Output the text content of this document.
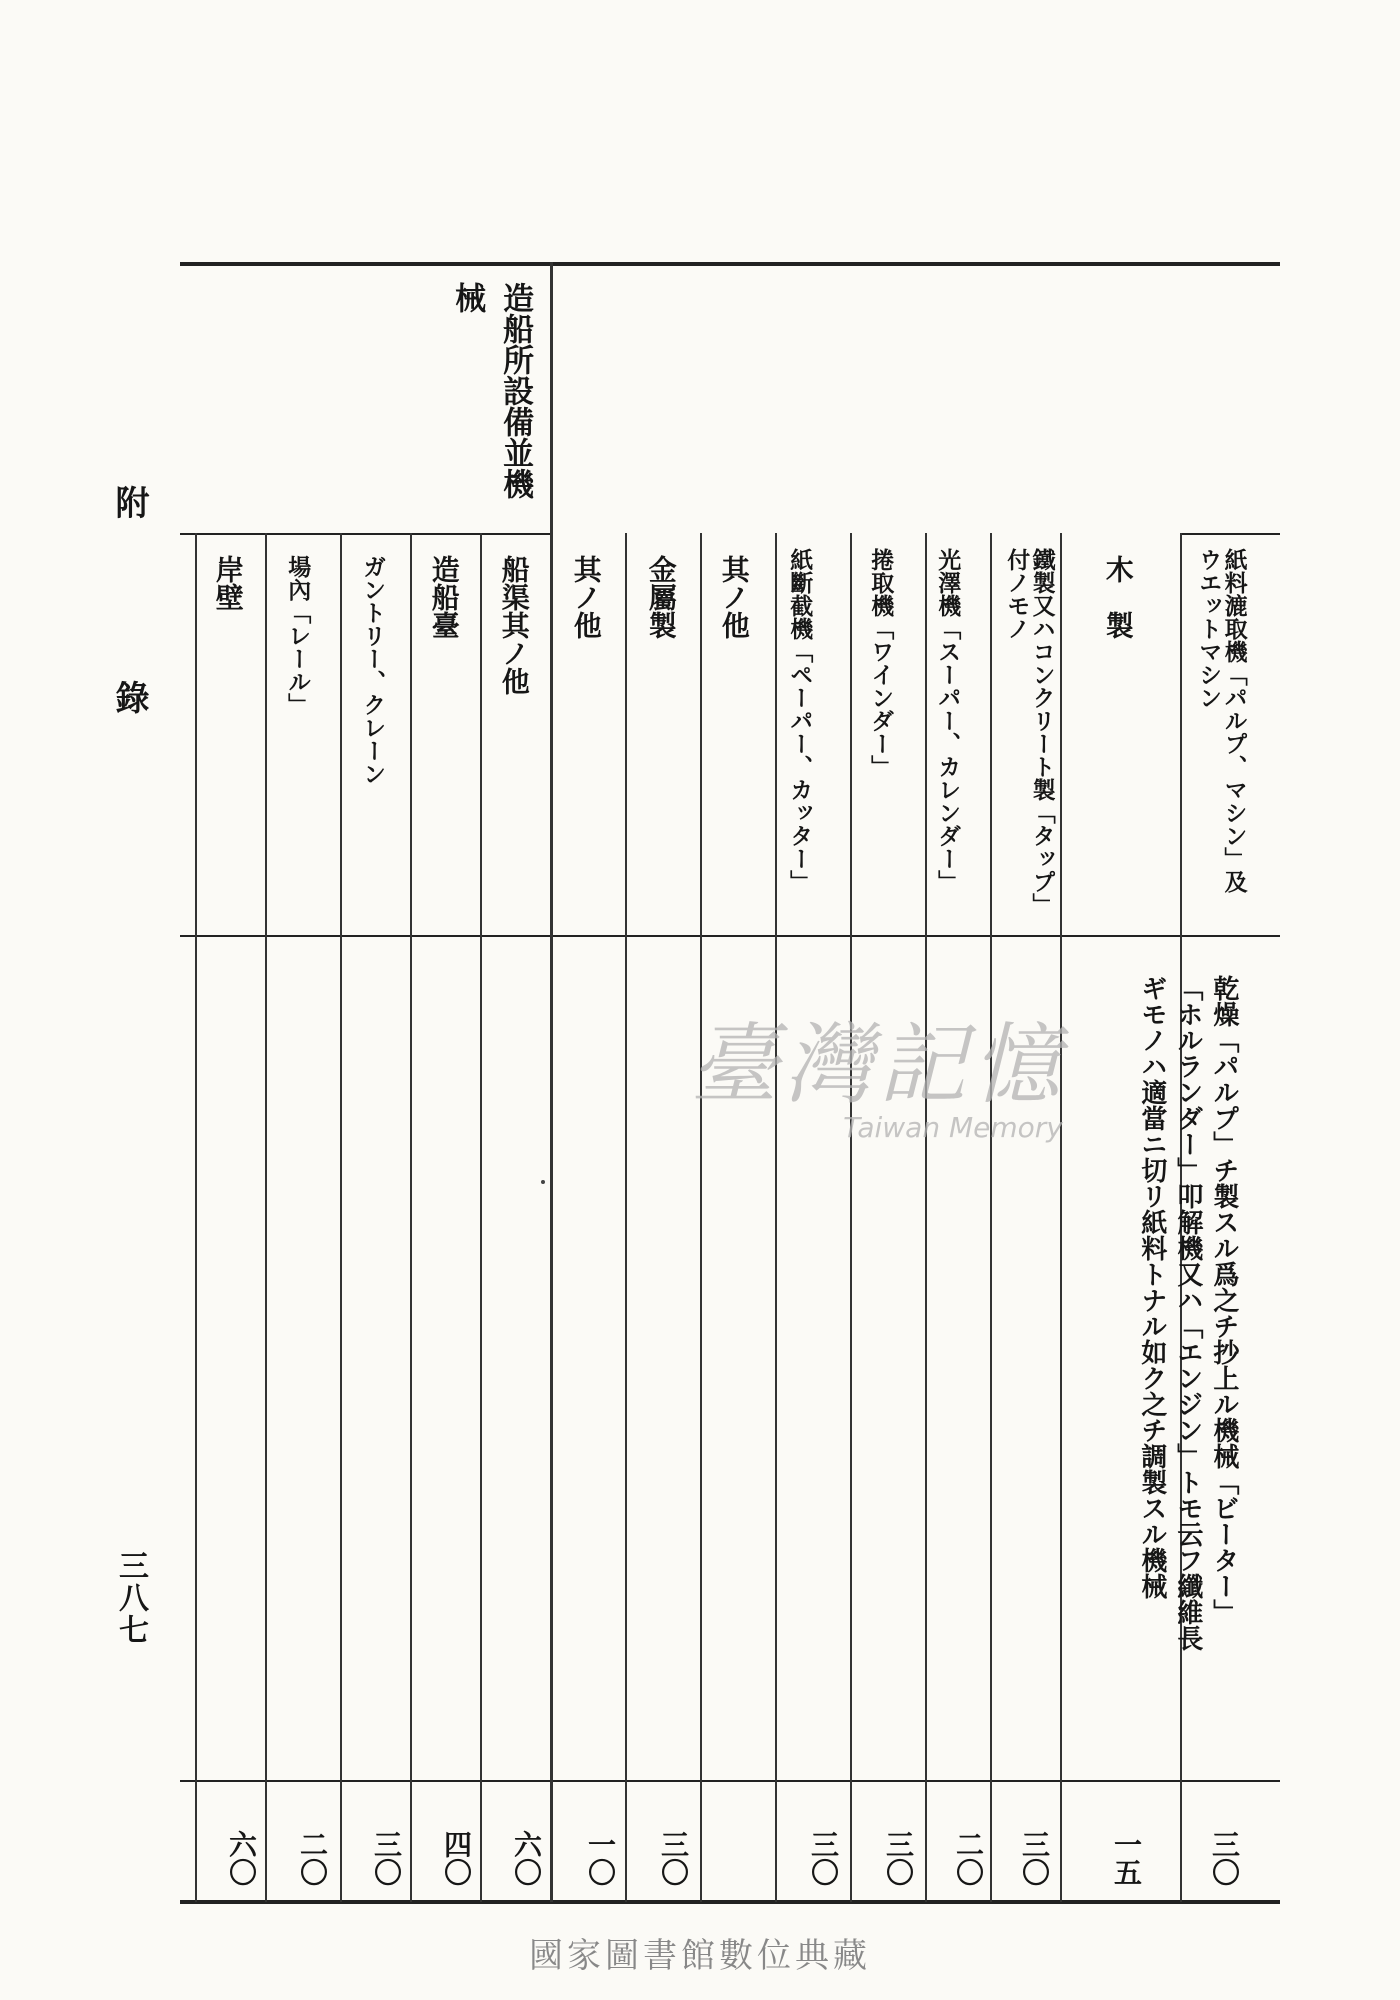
附
錄
三八七
造船所設備並機
械
紙料漉取機「パルプ、マシン」及ウエットマシン
木　製
鐵製又ハコンクリート製「タップ」付ノモノ
光澤機「スーパー、カレンダー」
捲取機「ワインダー」
紙斷截機「ペーパー、カッター」
其ノ他
金屬製
其ノ他
船渠其ノ他
造船臺
ガントリー、クレーン
場內「レール」
岸壁
乾燥「パルプ」チ製スル爲之チ抄上ル機械「ビーター」
「ホルランダー」叩解機又ハ「エンジン」トモ云フ纖維長
ギモノハ適當ニ切リ紙料トナル如ク之チ調製スル機械
三〇
一五
三〇
二〇
三〇
三〇
三〇
一〇
六〇
四〇
三〇
二〇
六〇
臺灣記憶
Taiwan Memory
國家圖書館數位典藏
